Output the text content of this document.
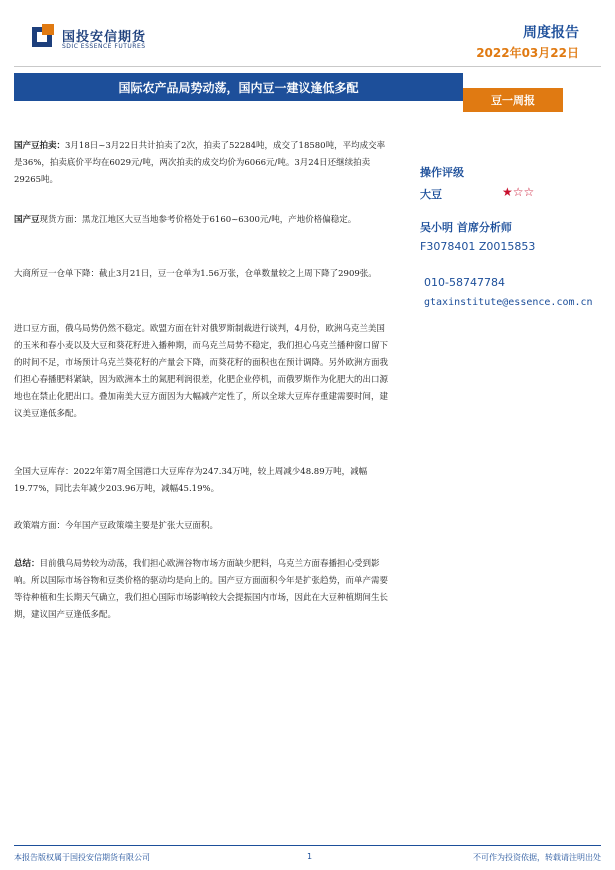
国投安信期货
SDIC ESSENCE FUTURES
周度报告
2022年03月22日
国际农产品局势动荡，国内豆一建议逢低多配
豆一周报

国产豆拍卖：3月18日~3月22日共计拍卖了2次，拍卖了52284吨，成交了18580吨，平均成交率是36%，拍卖底价平均在6029元/吨，两次拍卖的成交均价为6066元/吨。3月24日还继续拍卖29265吨。

国产豆现货方面：黑龙江地区大豆当地参考价格处于6160~6300元/吨，产地价格偏稳定。

大商所豆一仓单下降：截止3月21日，豆一仓单为1.56万张，仓单数量较之上周下降了2909张。

进口豆方面，俄乌局势仍然不稳定。欧盟方面在针对俄罗斯制裁进行谈判，4月份，欧洲乌克兰美国的玉米和春小麦以及大豆和葵花籽进入播种期，而乌克兰局势不稳定，我们担心乌克兰播种窗口留下的时间不足，市场预计乌克兰葵花籽的产量会下降，而葵花籽的面积也在预计调降。另外欧洲方面我们担心春播肥料紧缺，因为欧洲本土的氮肥利润很差，化肥企业停机，而俄罗斯作为化肥大的出口源地也在禁止化肥出口。叠加南美大豆方面因为大幅减产定性了，所以全球大豆库存重建需要时间，建议美豆逢低多配。

全国大豆库存：2022年第7周全国港口大豆库存为247.34万吨，较上周减少48.89万吨，减幅19.77%，同比去年减少203.96万吨，减幅45.19%。

政策端方面：今年国产豆政策端主要是扩张大豆面积。

总结：目前俄乌局势较为动荡，我们担心欧洲谷物市场方面缺少肥料，乌克兰方面春播担心受到影响。所以国际市场谷物和豆类价格的驱动均是向上的。国产豆方面面积今年是扩张趋势，而单产需要等待种植和生长期天气确立，我们担心国际市场影响较大会提振国内市场，因此在大豆种植期间生长期，建议国产豆逢低多配。

操作评级
大豆	★☆☆
吴小明 首席分析师
F3078401 Z0015853
010-58747784
gtaxinstitute@essence.com.cn
本报告版权属于国投安信期货有限公司	1	不可作为投资依据，转载请注明出处
